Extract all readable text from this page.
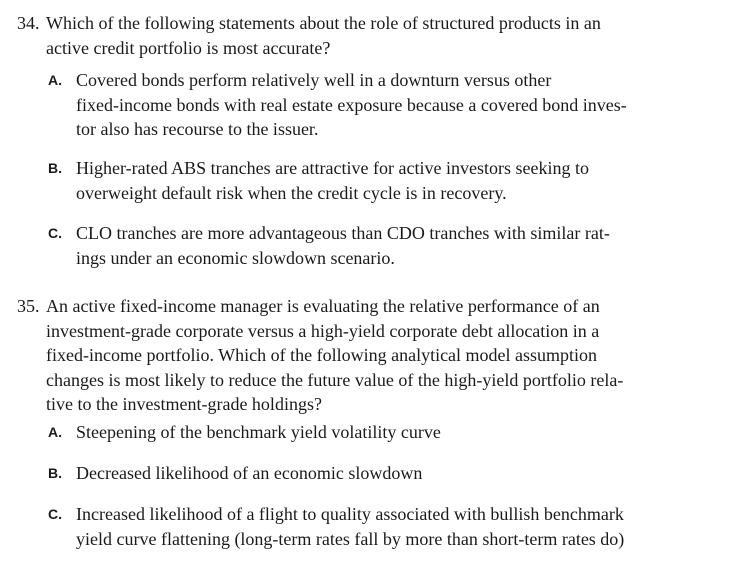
34. Which of the following statements about the role of structured products in an
active credit portfolio is most accurate?
A. Covered bonds perform relatively well in a downturn versus other
fixed-income bonds with real estate exposure because a covered bond inves-
tor also has recourse to the issuer.
B. Higher-rated ABS tranches are attractive for active investors seeking to
overweight default risk when the credit cycle is in recovery.
C. CLO tranches are more advantageous than CDO tranches with similar rat-
ings under an economic slowdown scenario.
35. An active fixed-income manager is evaluating the relative performance of an
investment-grade corporate versus a high-yield corporate debt allocation in a
fixed-income portfolio. Which of the following analytical model assumption
changes is most likely to reduce the future value of the high-yield portfolio rela-
tive to the investment-grade holdings?
A. Steepening of the benchmark yield volatility curve
B. Decreased likelihood of an economic slowdown
C. Increased likelihood of a flight to quality associated with bullish benchmark
yield curve flattening (long-term rates fall by more than short-term rates do)
